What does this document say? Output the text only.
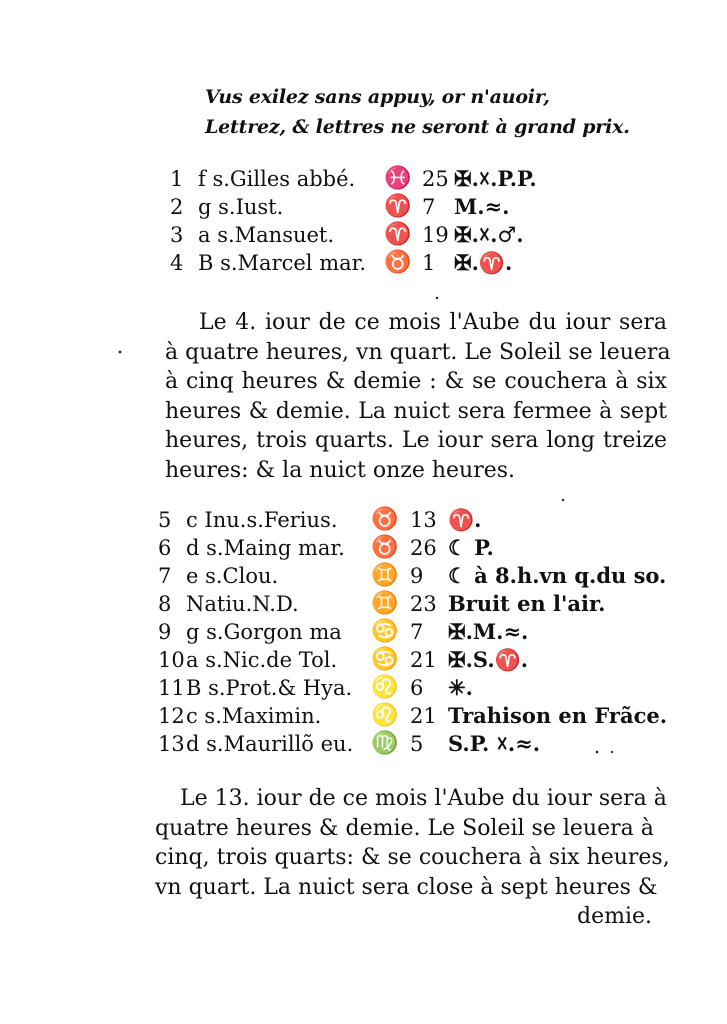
Vus exilez sans appuy, or n'auoir,
Lettrez, & lettres ne seront à grand prix.
1 f s.Gilles abbé. ♓ 25 ✠.☓.P.P.
2 g s.Iust.	♈ 7 M.≈.
3 a s.Mansuet. ♈ 19 ✠.☓.♂.
4 B s.Marcel mar. ♉ 1 ✠.♈.
Le 4. iour de ce mois l'Aube du iour sera
à quatre heures, vn quart. Le Soleil se leuera
à cinq heures & demie : & se couchera à six
heures & demie. La nuict sera fermee à sept
heures, trois quarts. Le iour sera long treize
heures: & la nuict onze heures.
5 c Inu.s.Ferius. ♉ 13 ♈.
6 d s.Maing mar. ♉ 26 ☾ P.
7 e s.Clou.	♊ 9 ☾ à 8.h.vn q.du so.
8 Natiu.N.D.	♊ 23 Bruit en l'air.
9 g s.Gorgon ma ♋ 7 ✠.M.≈.
10 a s.Nic.de Tol. ♋ 21 ✠.S.♈.
11 B s.Prot.& Hya. ♌ 6 ✳.
12 c s.Maximin. ♌ 21 Trahison en Frãce.
13 d s.Maurillõ eu. ♍ 5 S.P. ☓.≈.
Le 13. iour de ce mois l'Aube du iour sera à
quatre heures & demie. Le Soleil se leuera à
cinq, trois quarts: & se couchera à six heures,
vn quart. La nuict sera close à sept heures &
demie.
